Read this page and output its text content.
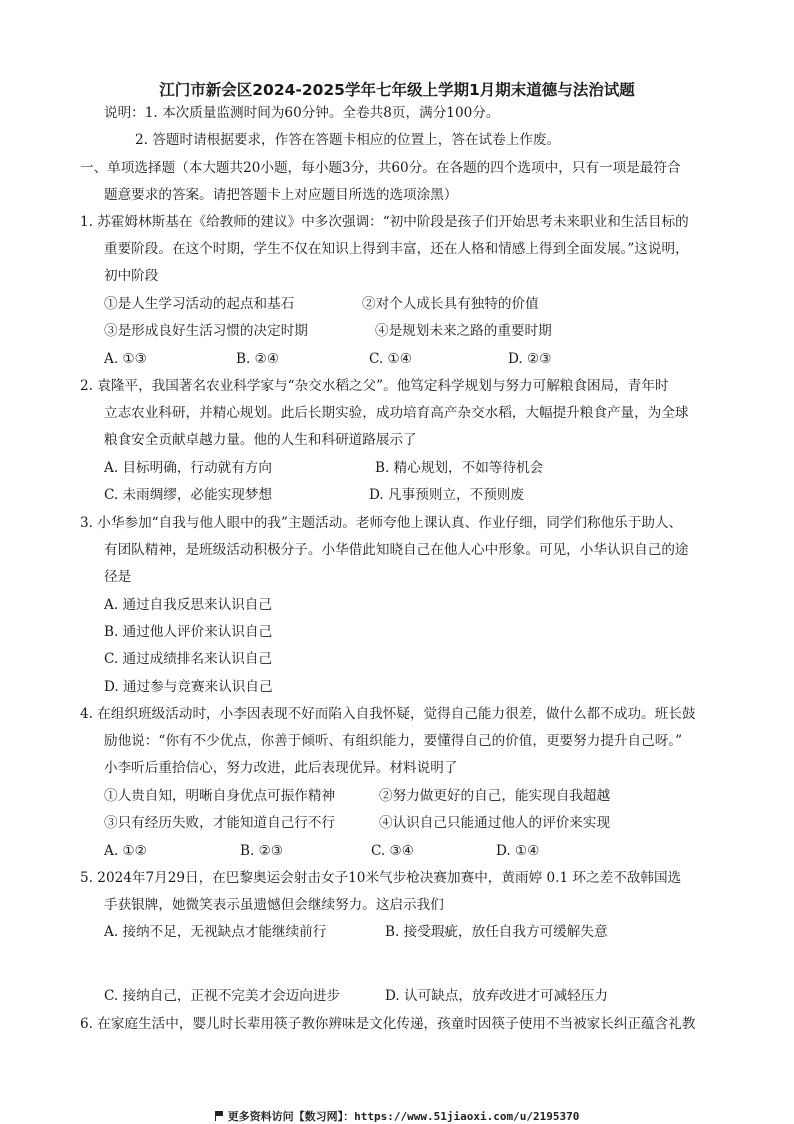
江门市新会区2024-2025学年七年级上学期1月期末道德与法治试题
说明：1. 本次质量监测时间为60分钟。全卷共8页，满分100分。
2. 答题时请根据要求，作答在答题卡相应的位置上，答在试卷上作废。
一、单项选择题（本大题共20小题，每小题3分，共60分。在各题的四个选项中，只有一项是最符合
题意要求的答案。请把答题卡上对应题目所选的选项涂黑）
1. 苏霍姆林斯基在《给教师的建议》中多次强调：“初中阶段是孩子们开始思考未来职业和生活目标的
重要阶段。在这个时期，学生不仅在知识上得到丰富，还在人格和情感上得到全面发展。”这说明，
初中阶段
①是人生学习活动的起点和基石	②对个人成长具有独特的价值
③是形成良好生活习惯的决定时期	④是规划未来之路的重要时期
A. ①③	B. ②④	C. ①④	D. ②③
2. 袁隆平，我国著名农业科学家与“杂交水稻之父”。他笃定科学规划与努力可解粮食困局，青年时
立志农业科研，并精心规划。此后长期实验，成功培育高产杂交水稻，大幅提升粮食产量，为全球
粮食安全贡献卓越力量。他的人生和科研道路展示了
A. 目标明确，行动就有方向	B. 精心规划，不如等待机会
C. 未雨绸缪，必能实现梦想	D. 凡事预则立，不预则废
3. 小华参加“自我与他人眼中的我”主题活动。老师夸他上课认真、作业仔细，同学们称他乐于助人、
有团队精神，是班级活动积极分子。小华借此知晓自己在他人心中形象。可见，小华认识自己的途
径是
A. 通过自我反思来认识自己
B. 通过他人评价来认识自己
C. 通过成绩排名来认识自己
D. 通过参与竞赛来认识自己
4. 在组织班级活动时，小李因表现不好而陷入自我怀疑，觉得自己能力很差，做什么都不成功。班长鼓
励他说：“你有不少优点，你善于倾听、有组织能力，要懂得自己的价值，更要努力提升自己呀。”
小李听后重拾信心，努力改进，此后表现优异。材料说明了
①人贵自知，明晰自身优点可振作精神	②努力做更好的自己，能实现自我超越
③只有经历失败，才能知道自己行不行	④认识自己只能通过他人的评价来实现
A. ①②	B. ②③	C. ③④	D. ①④
5. 2024年7月29日，在巴黎奥运会射击女子10米气步枪决赛加赛中，黄雨婷 0.1 环之差不敌韩国选
手获银牌，她微笑表示虽遗憾但会继续努力。这启示我们
A. 接纳不足，无视缺点才能继续前行	B. 接受瑕疵，放任自我方可缓解失意
C. 接纳自己，正视不完美才会迈向进步	D. 认可缺点，放弃改进才可减轻压力
6. 在家庭生活中，婴儿时长辈用筷子教你辨味是文化传递，孩童时因筷子使用不当被家长纠正蕴含礼教
更多资料访问【数习网】：https://www.51jiaoxi.com/u/2195370
